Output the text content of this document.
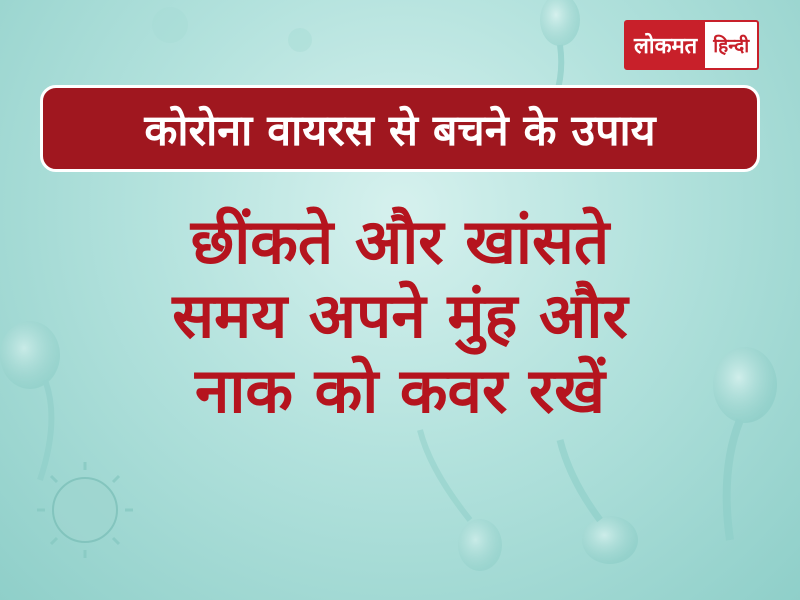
लोकमत हिन्दी
कोरोना वायरस से बचने के उपाय
छींकते और खांसते
समय अपने मुंह और
नाक को कवर रखें
